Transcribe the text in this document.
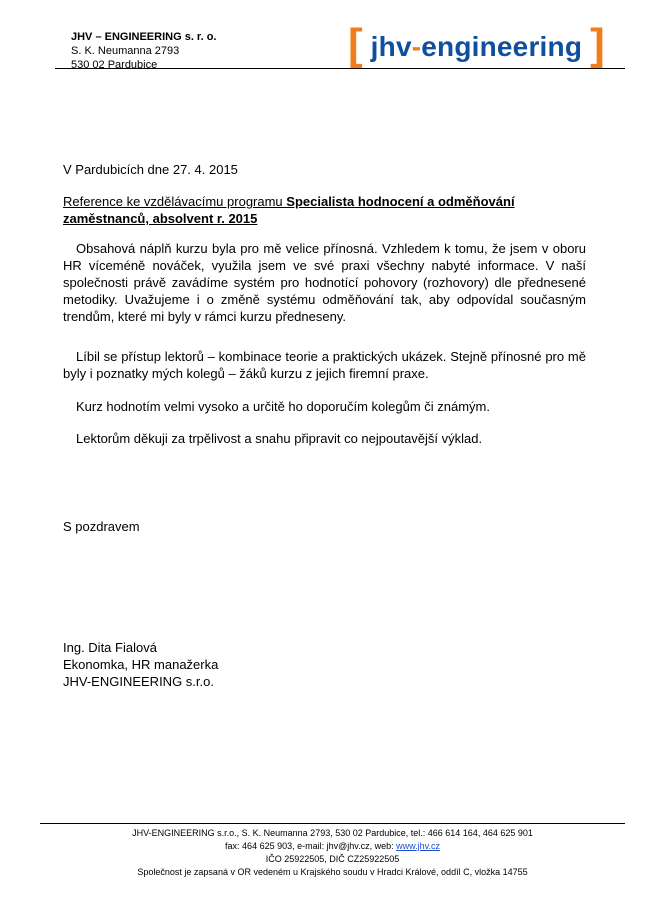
JHV – ENGINEERING s. r. o.
S. K. Neumanna 2793
530 02 Pardubice	[ jhv-engineering ]
V Pardubicích dne 27. 4. 2015
Reference ke vzdělávacímu programu Specialista hodnocení a odměňování zaměstnanců, absolvent r. 2015
Obsahová náplň kurzu byla pro mě velice přínosná. Vzhledem k tomu, že jsem v oboru HR víceméně nováček, využila jsem ve své praxi všechny nabyté informace. V naší společnosti právě zavádíme systém pro hodnotící pohovory (rozhovory) dle přednesené metodiky. Uvažujeme i o změně systému odměňování tak, aby odpovídal současným trendům, které mi byly v rámci kurzu předneseny.
Líbil se přístup lektorů – kombinace teorie a praktických ukázek. Stejně přínosné pro mě byly i poznatky mých kolegů – žáků kurzu z jejich firemní praxe.
Kurz hodnotím velmi vysoko a určitě ho doporučím kolegům či známým.
Lektorům děkuji za trpělivost a snahu připravit co nejpoutavější výklad.
S pozdravem
Ing. Dita Fialová
Ekonomka, HR manažerka
JHV-ENGINEERING s.r.o.
JHV-ENGINEERING s.r.o., S. K. Neumanna 2793, 530 02 Pardubice, tel.: 466 614 164, 464 625 901
fax: 464 625 903, e-mail: jhv@jhv.cz, web: www.jhv.cz
IČO 25922505, DIČ CZ25922505
Společnost je zapsaná v OR vedeném u Krajského soudu v Hradci Králové, oddíl C, vložka 14755
